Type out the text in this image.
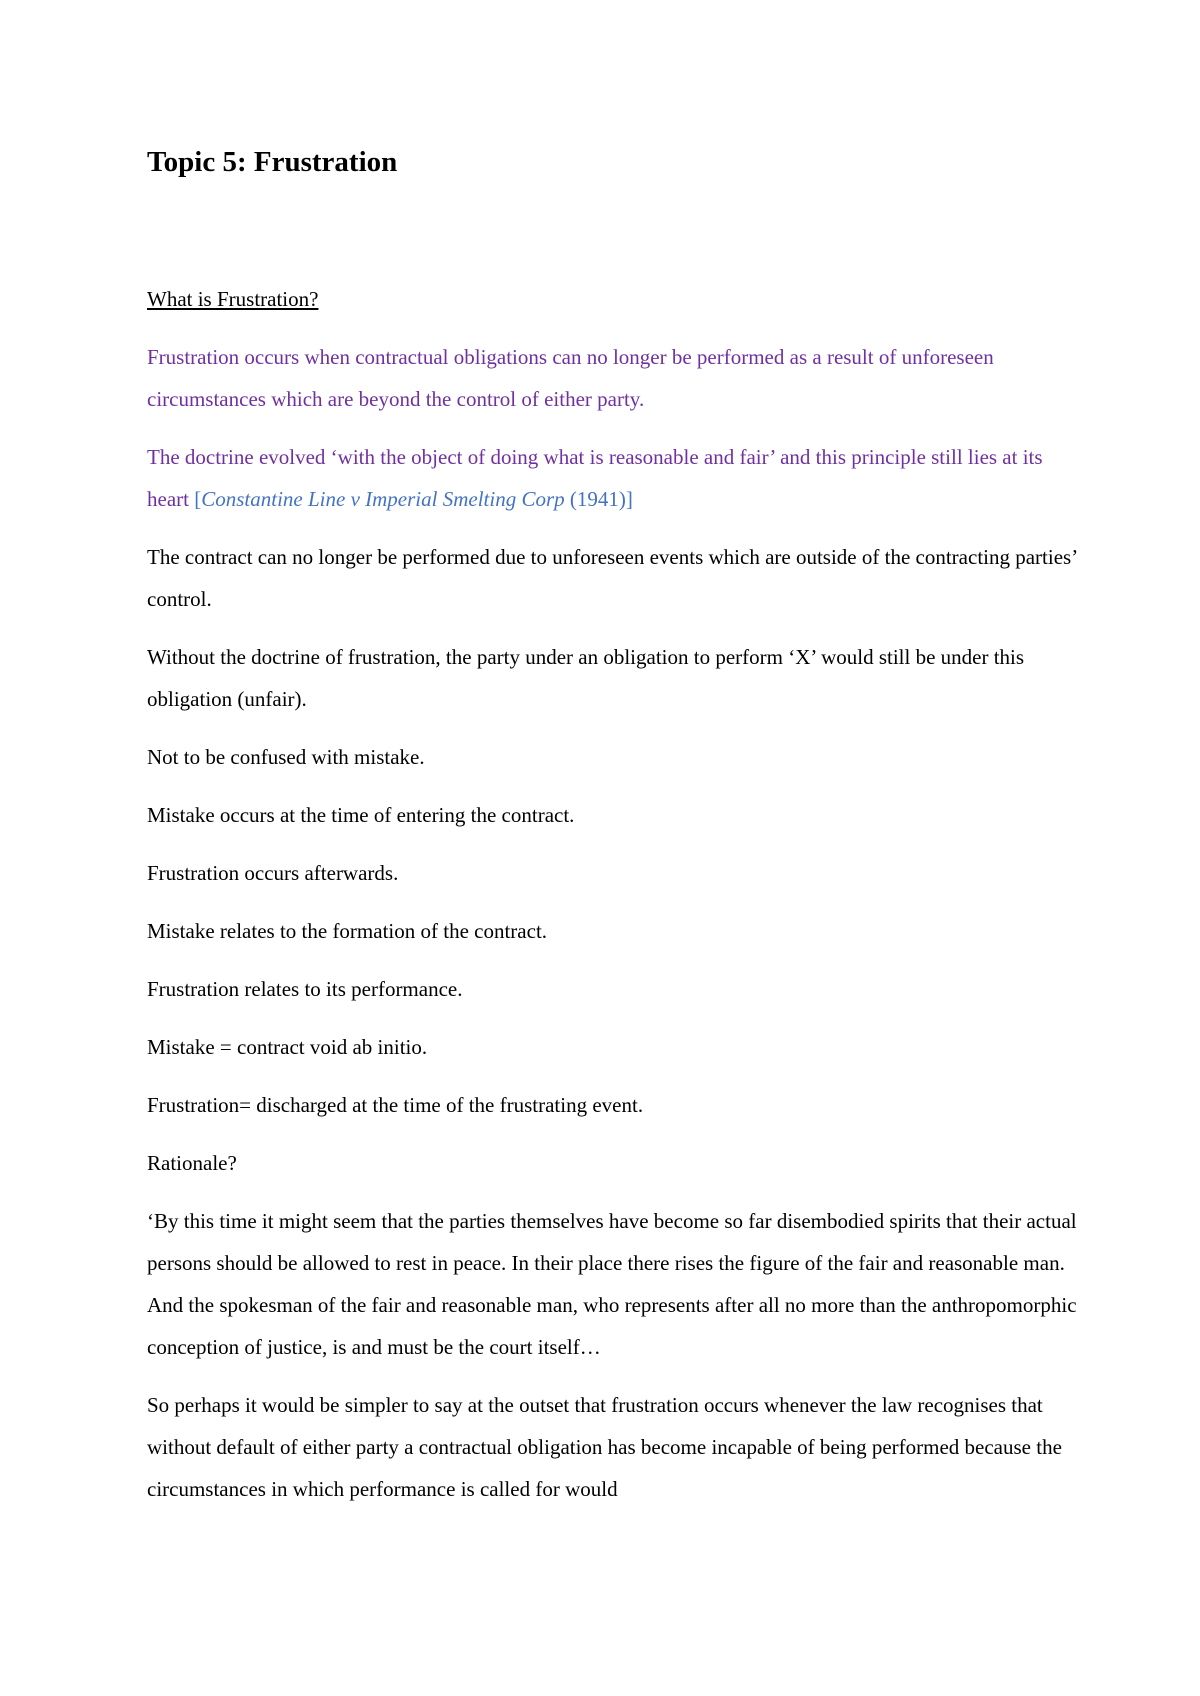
Topic 5: Frustration
What is Frustration?
Frustration occurs when contractual obligations can no longer be performed as a result of unforeseen circumstances which are beyond the control of either party.
The doctrine evolved ‘with the object of doing what is reasonable and fair’ and this principle still lies at its heart [Constantine Line v Imperial Smelting Corp (1941)]
The contract can no longer be performed due to unforeseen events which are outside of the contracting parties’ control.
Without the doctrine of frustration, the party under an obligation to perform ‘X’ would still be under this obligation (unfair).
Not to be confused with mistake.
Mistake occurs at the time of entering the contract.
Frustration occurs afterwards.
Mistake relates to the formation of the contract.
Frustration relates to its performance.
Mistake = contract void ab initio.
Frustration= discharged at the time of the frustrating event.
Rationale?
‘By this time it might seem that the parties themselves have become so far disembodied spirits that their actual persons should be allowed to rest in peace. In their place there rises the figure of the fair and reasonable man. And the spokesman of the fair and reasonable man, who represents after all no more than the anthropomorphic conception of justice, is and must be the court itself…
So perhaps it would be simpler to say at the outset that frustration occurs whenever the law recognises that without default of either party a contractual obligation has become incapable of being performed because the circumstances in which performance is called for would
